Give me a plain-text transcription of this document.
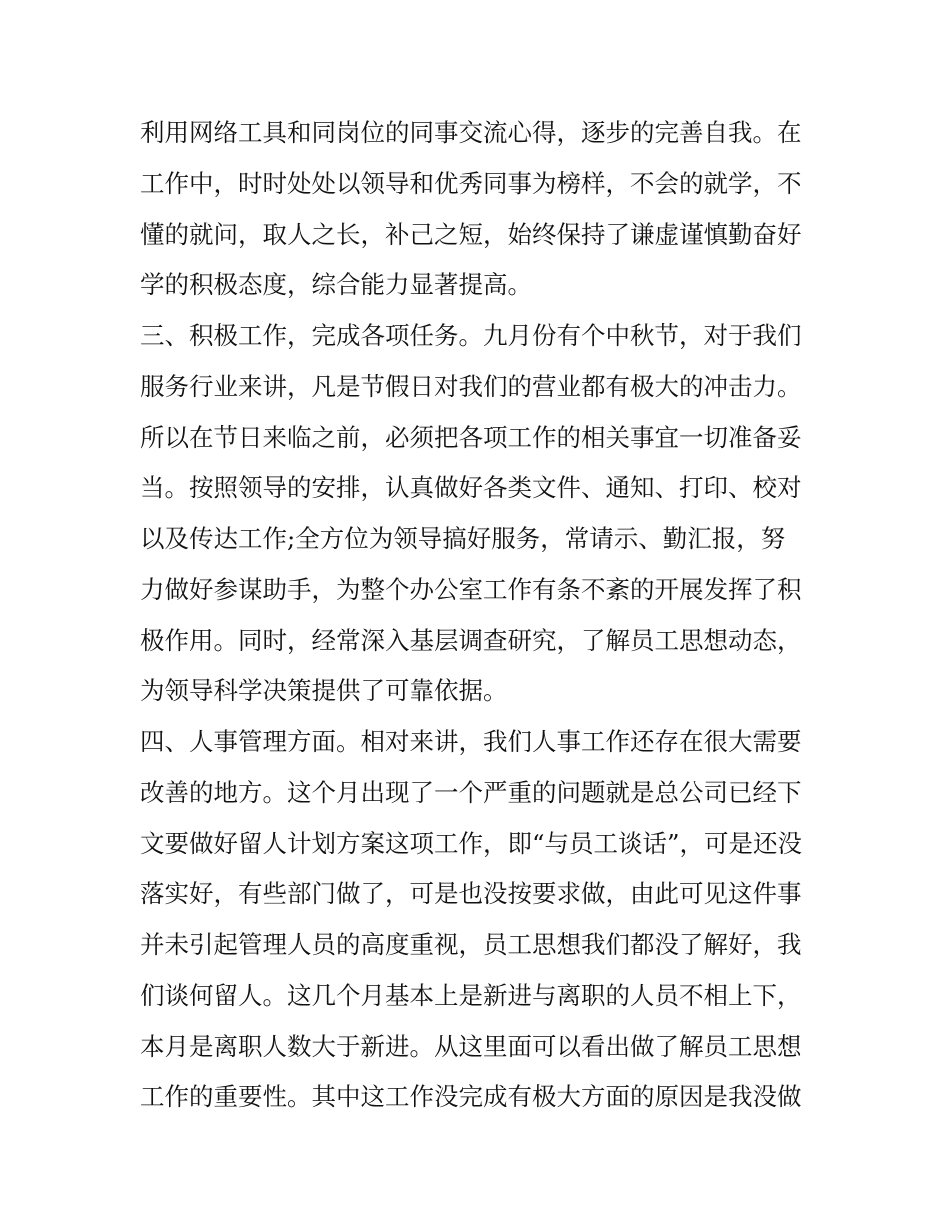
利用网络工具和同岗位的同事交流心得，逐步的完善自我。在
工作中，时时处处以领导和优秀同事为榜样，不会的就学，不
懂的就问，取人之长，补己之短，始终保持了谦虚谨慎勤奋好
学的积极态度，综合能力显著提高。
三、积极工作，完成各项任务。九月份有个中秋节，对于我们
服务行业来讲，凡是节假日对我们的营业都有极大的冲击力。
所以在节日来临之前，必须把各项工作的相关事宜一切准备妥
当。按照领导的安排，认真做好各类文件、通知、打印、校对
以及传达工作;全方位为领导搞好服务，常请示、勤汇报，努
力做好参谋助手，为整个办公室工作有条不紊的开展发挥了积
极作用。同时，经常深入基层调查研究，了解员工思想动态，
为领导科学决策提供了可靠依据。
四、人事管理方面。相对来讲，我们人事工作还存在很大需要
改善的地方。这个月出现了一个严重的问题就是总公司已经下
文要做好留人计划方案这项工作，即“与员工谈话”，可是还没
落实好，有些部门做了，可是也没按要求做，由此可见这件事
并未引起管理人员的高度重视，员工思想我们都没了解好，我
们谈何留人。这几个月基本上是新进与离职的人员不相上下，
本月是离职人数大于新进。从这里面可以看出做了解员工思想
工作的重要性。其中这工作没完成有极大方面的原因是我没做
